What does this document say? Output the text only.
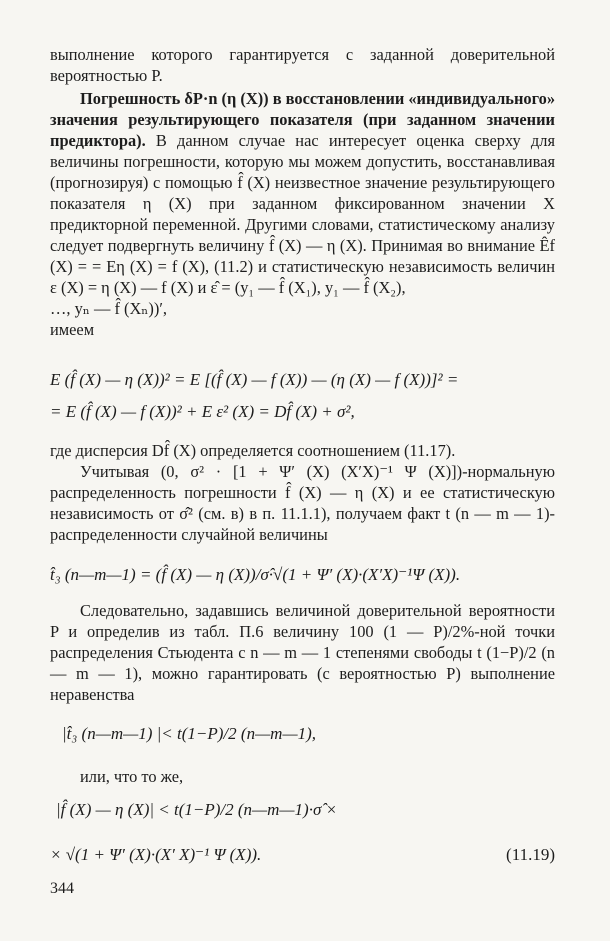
выполнение которого гарантируется с заданной доверительной вероятностью P.

Погрешность δP·n (η (X)) в восстановлении «индивидуального» значения результирующего показателя (при заданном значении предиктора). В данном случае нас интересует оценка сверху для величины погрешности, которую мы можем допустить, восстанавливая (прогнозируя) с помощью f̂ (X) неизвестное значение результирующего показателя η (X) при заданном фиксированном значении X предикторной переменной. Другими словами, статистическому анализу следует подвергнуть величину f̂ (X) — η (X). Принимая во внимание Êf (X) = = Eη (X) = f (X), (11.2) и статистическую независимость величин ε (X) = η (X) — f (X) и ε̂ = (y₁ — f̂ (X₁), y₁ — f̂ (X₂),

…, yₙ — f̂ (Xₙ))′,

имеем

E (f̂ (X) — η (X))² = E [(f̂ (X) — f (X)) — (η (X) — f (X))]² =
= E (f̂ (X) — f (X))² + E ε² (X) = Df̂ (X) + σ²,

где дисперсия Df̂ (X) определяется соотношением (11.17).

Учитывая (0, σ² · [1 + Ψ′ (X) (X′X)⁻¹ Ψ (X)])-нормальную распределенность погрешности f̂ (X) — η (X) и ее статистическую независимость от σ̂² (см. в) в п. 11.1.1), получаем факт t (n — m — 1)-распределенности случайной величины

t̂₃ (n—m—1) = (f̂ (X) — η (X))/σ̂·√(1 + Ψ′ (X)·(X′X)⁻¹Ψ (X)).

Следовательно, задавшись величиной доверительной вероятности P и определив из табл. П.6 величину 100 (1 — P)/2%-ной точки распределения Стьюдента с n — m — 1 степенями свободы t (1−P)/2 (n — m — 1), можно гарантировать (с вероятностью P) выполнение неравенства

|t̂₃ (n—m—1) |< t(1−P)/2 (n—m—1),

или, что то же,

|f̂ (X) — η (X)| < t(1−P)/2 (n—m—1)·σ̂ ×
× √(1 + Ψ′ (X)·(X′ X)⁻¹ Ψ (X)).	(11.19)
344
